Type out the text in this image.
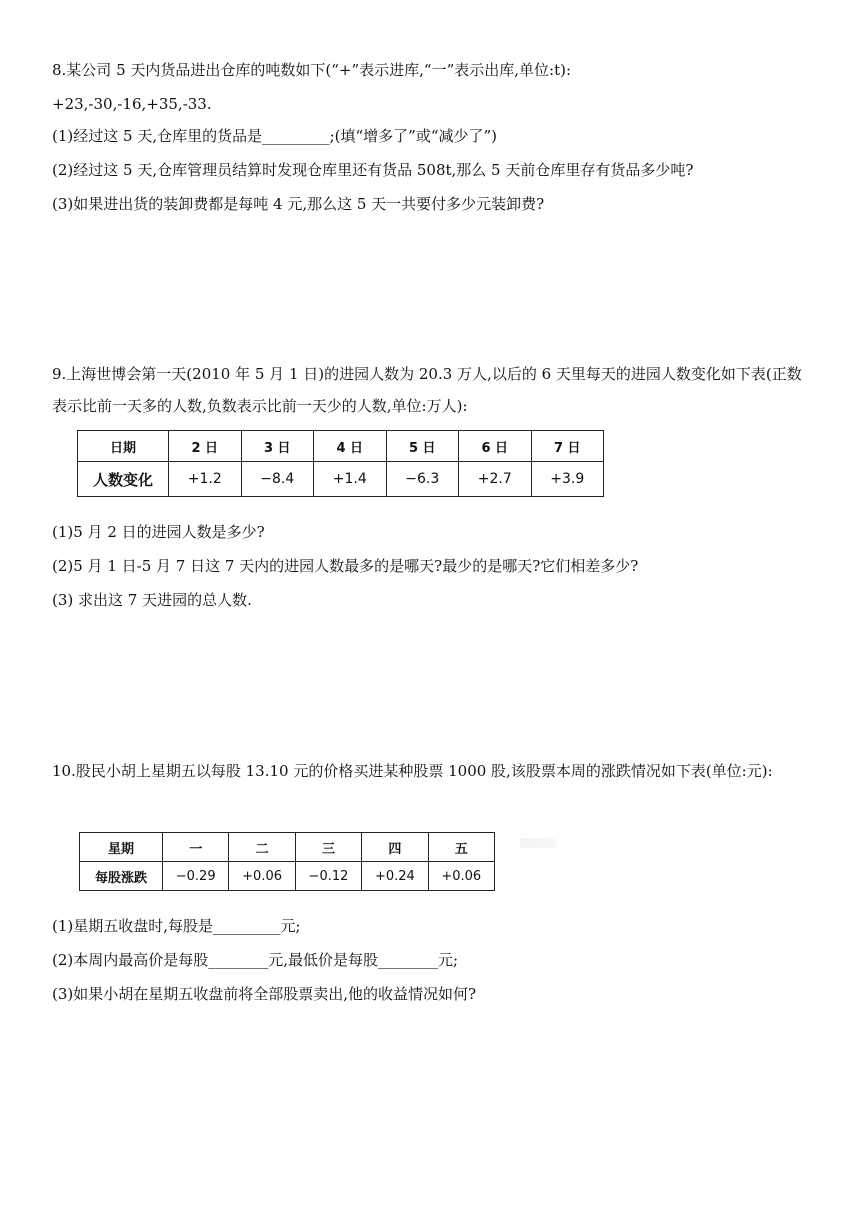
8.某公司 5 天内货品进出仓库的吨数如下(“+”表示进库,“一”表示出库,单位:t):
+23,-30,-16,+35,-33.
(1)经过这 5 天,仓库里的货品是_________;(填“增多了”或“减少了”)
(2)经过这 5 天,仓库管理员结算时发现仓库里还有货品 508t,那么 5 天前仓库里存有货品多少吨?
(3)如果进出货的装卸费都是每吨 4 元,那么这 5 天一共要付多少元装卸费?
9.上海世博会第一天(2010 年 5 月 1 日)的进园人数为 20.3 万人,以后的 6 天里每天的进园人数变化如下表(正数表示比前一天多的人数,负数表示比前一天少的人数,单位:万人):
日期	2 日	3 日	4 日	5 日	6 日	7 日
人数变化	+1.2	−8.4	+1.4	−6.3	+2.7	+3.9
(1)5 月 2 日的进园人数是多少?
(2)5 月 1 日-5 月 7 日这 7 天内的进园人数最多的是哪天?最少的是哪天?它们相差多少?
(3) 求出这 7 天进园的总人数.
10.股民小胡上星期五以每股 13.10 元的价格买进某种股票 1000 股,该股票本周的涨跌情况如下表(单位:元):
星期	一	二	三	四	五
每股涨跌	−0.29	+0.06	−0.12	+0.24	+0.06
(1)星期五收盘时,每股是_________元;
(2)本周内最高价是每股________元,最低价是每股________元;
(3)如果小胡在星期五收盘前将全部股票卖出,他的收益情况如何?
